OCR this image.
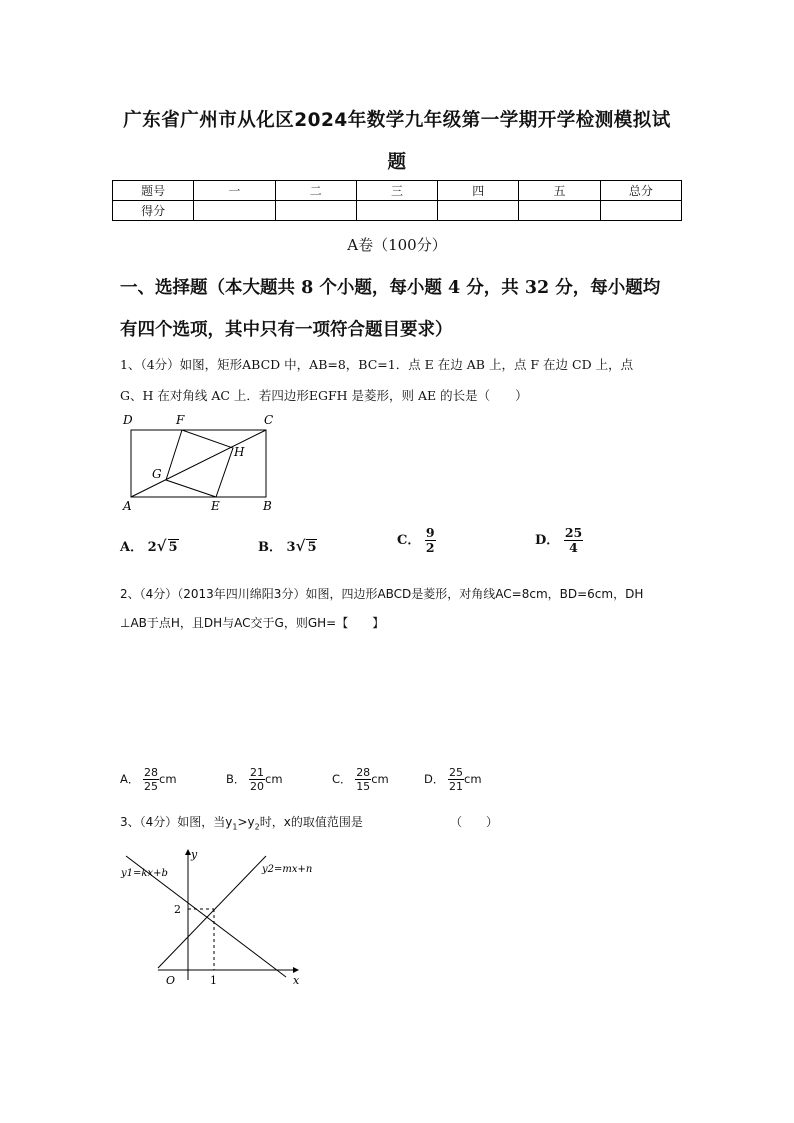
广东省广州市从化区2024年数学九年级第一学期开学检测模拟试
题
题号	一	二	三	四	五	总分
得分						
A卷（100分）
一、选择题（本大题共 8 个小题，每小题 4 分，共 32 分，每小题均
有四个选项，其中只有一项符合题目要求）
1、（4分）如图，矩形ABCD 中，AB=8，BC=1．点 E 在边 AB 上，点 F 在边 CD 上，点
G、H 在对角线 AC 上．若四边形EGFH 是菱形，则 AE 的长是（　　）
D	F	C
G
H
A	E	B
A． 2√ 5	B． 3√ 5	C． $\frac{9}{2}$	D． $\frac{25}{4}$
2、（4分）（2013年四川绵阳3分）如图，四边形ABCD是菱形，对角线AC=8cm，BD=6cm，DH
⊥AB于点H，且DH与AC交于G，则GH=【　　】
A． $\frac{28}{25}$ cm	B． $\frac{21}{20}$ cm	C． $\frac{28}{15}$ cm	D． $\frac{25}{21}$ cm
3、（4分）如图，当$y_1>y_2$时，x的取值范围是	（　　）
y
x
O
2
1
y1=kx+b	y2=mx+n
